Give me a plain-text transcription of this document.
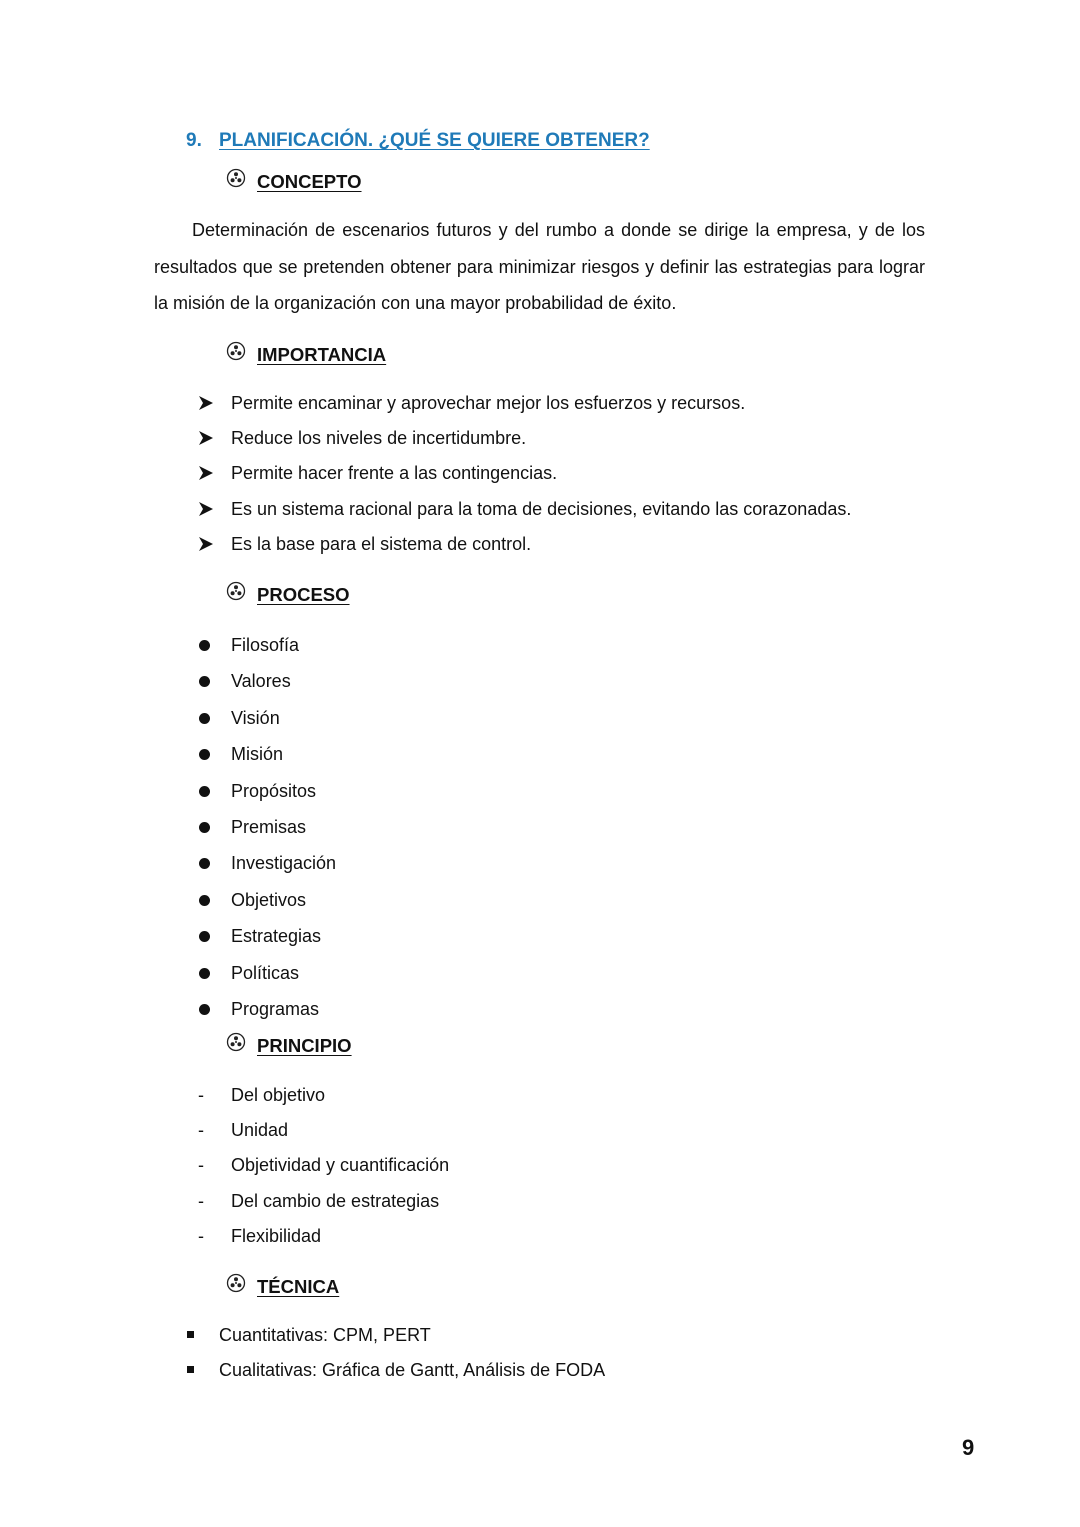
9. PLANIFICACIÓN. ¿QUÉ SE QUIERE OBTENER?
CONCEPTO

Determinación de escenarios futuros y del rumbo a donde se dirige la empresa, y de los resultados que se pretenden obtener para minimizar riesgos y definir las estrategias para lograr la misión de la organización con una mayor probabilidad de éxito.

IMPORTANCIA
Permite encaminar y aprovechar mejor los esfuerzos y recursos.
Reduce los niveles de incertidumbre.
Permite hacer frente a las contingencias.
Es un sistema racional para la toma de decisiones, evitando las corazonadas.
Es la base para el sistema de control.
PROCESO
Filosofía
Valores
Visión
Misión
Propósitos
Premisas
Investigación
Objetivos
Estrategias
Políticas
Programas
PRINCIPIO
- Del objetivo
- Unidad
- Objetividad y cuantificación
- Del cambio de estrategias
- Flexibilidad
TÉCNICA
Cuantitativas: CPM, PERT
Cualitativas: Gráfica de Gantt, Análisis de FODA
9
